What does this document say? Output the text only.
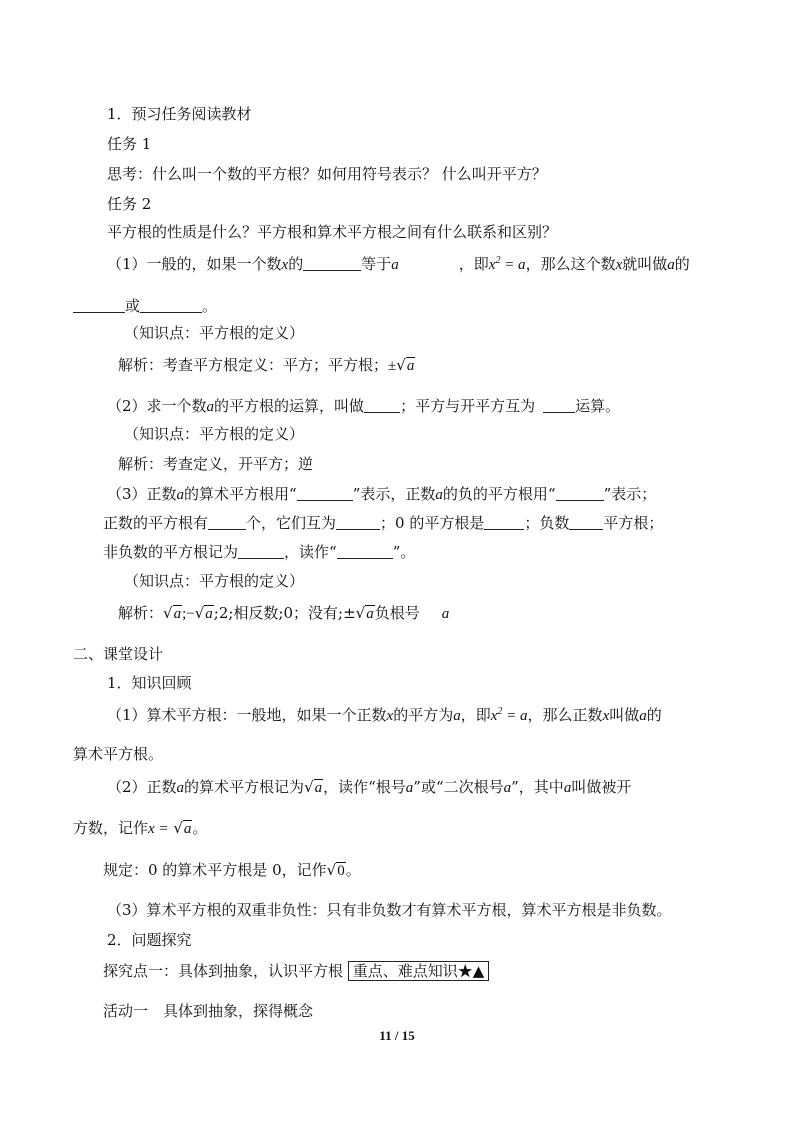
1．预习任务阅读教材
任务 1
思考：什么叫一个数的平方根？如何用符号表示？ 什么叫开平方？
任务 2
平方根的性质是什么？平方根和算术平方根之间有什么联系和区别？
（1）一般的，如果一个数x的	等于a	，即$x^2 = a$，那么这个数x就叫做a的
或	。
（知识点：平方根的定义）
解析：考查平方根定义：平方；平方根；±√a
（2）求一个数a的平方根的运算，叫做 ；平方与开平方互为	运算。
（知识点：平方根的定义）
解析：考查定义，开平方；逆
（3）正数a的算术平方根用“	”表示，正数a的负的平方根用“	”表示；
正数的平方根有	个，它们互为	；0 的平方根是	；负数 平方根；
非负数的平方根记为	，读作“	”。
（知识点：平方根的定义）
解析：√a;−√a;2;相反数;0；没有;±√a负根号 a
二、课堂设计
1．知识回顾
（1）算术平方根：一般地，如果一个正数x的平方为a，即$x^2 = a$，那么正数x叫做a的
算术平方根。
（2）正数a的算术平方根记为√a，读作“根号a”或“二次根号a”，其中a叫做被开
方数，记作x = √a。
规定：0 的算术平方根是 0，记作√0。
（3）算术平方根的双重非负性：只有非负数才有算术平方根，算术平方根是非负数。
2．问题探究
探究点一：具体到抽象，认识平方根 重点、难点知识★▲
活动一　具体到抽象，探得概念
11 / 15
